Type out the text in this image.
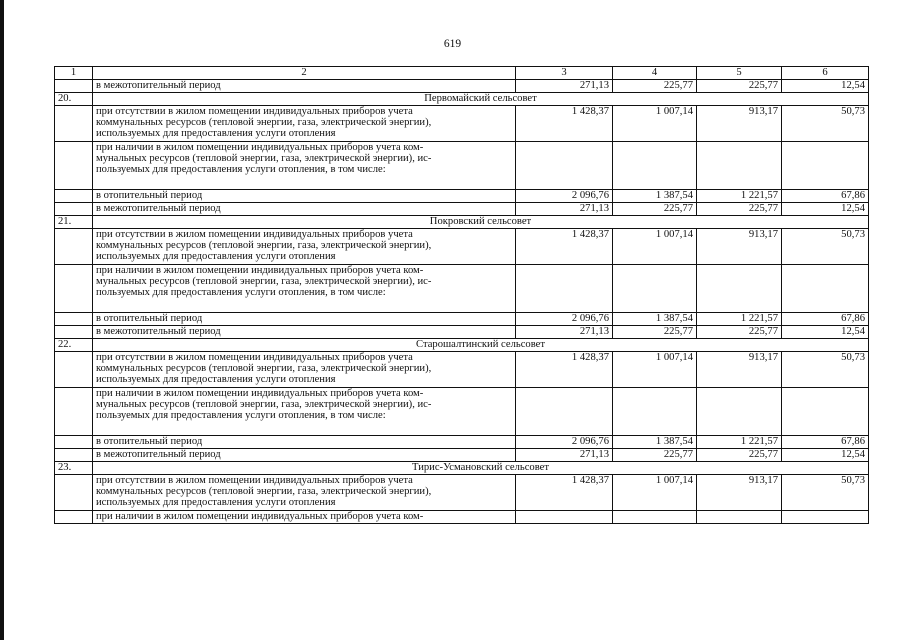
619
1	2	3	4	5	6
	в межотопительный период	271,13	225,77	225,77	12,54
20.	Первомайский сельсовет				
	при отсутствии в жилом помещении индивидуальных приборов учета
коммунальных ресурсов (тепловой энергии, газа, электрической энергии),
используемых для предоставления услуги отопления	1 428,37	1 007,14	913,17	50,73
	при наличии в жилом помещении индивидуальных приборов учета ком-
мунальных ресурсов (тепловой энергии, газа, электрической энергии), ис-
пользуемых для предоставления услуги отопления, в том числе:				
	в отопительный период	2 096,76	1 387,54	1 221,57	67,86
	в межотопительный период	271,13	225,77	225,77	12,54
21.	Покровский сельсовет				
	при отсутствии в жилом помещении индивидуальных приборов учета
коммунальных ресурсов (тепловой энергии, газа, электрической энергии),
используемых для предоставления услуги отопления	1 428,37	1 007,14	913,17	50,73
	при наличии в жилом помещении индивидуальных приборов учета ком-
мунальных ресурсов (тепловой энергии, газа, электрической энергии), ис-
пользуемых для предоставления услуги отопления, в том числе:				
	в отопительный период	2 096,76	1 387,54	1 221,57	67,86
	в межотопительный период	271,13	225,77	225,77	12,54
22.	Старошалтинский сельсовет				
	при отсутствии в жилом помещении индивидуальных приборов учета
коммунальных ресурсов (тепловой энергии, газа, электрической энергии),
используемых для предоставления услуги отопления	1 428,37	1 007,14	913,17	50,73
	при наличии в жилом помещении индивидуальных приборов учета ком-
мунальных ресурсов (тепловой энергии, газа, электрической энергии), ис-
пользуемых для предоставления услуги отопления, в том числе:				
	в отопительный период	2 096,76	1 387,54	1 221,57	67,86
	в межотопительный период	271,13	225,77	225,77	12,54
23.	Тирис-Усмановский сельсовет				
	при отсутствии в жилом помещении индивидуальных приборов учета
коммунальных ресурсов (тепловой энергии, газа, электрической энергии),
используемых для предоставления услуги отопления	1 428,37	1 007,14	913,17	50,73
	при наличии в жилом помещении индивидуальных приборов учета ком-				
